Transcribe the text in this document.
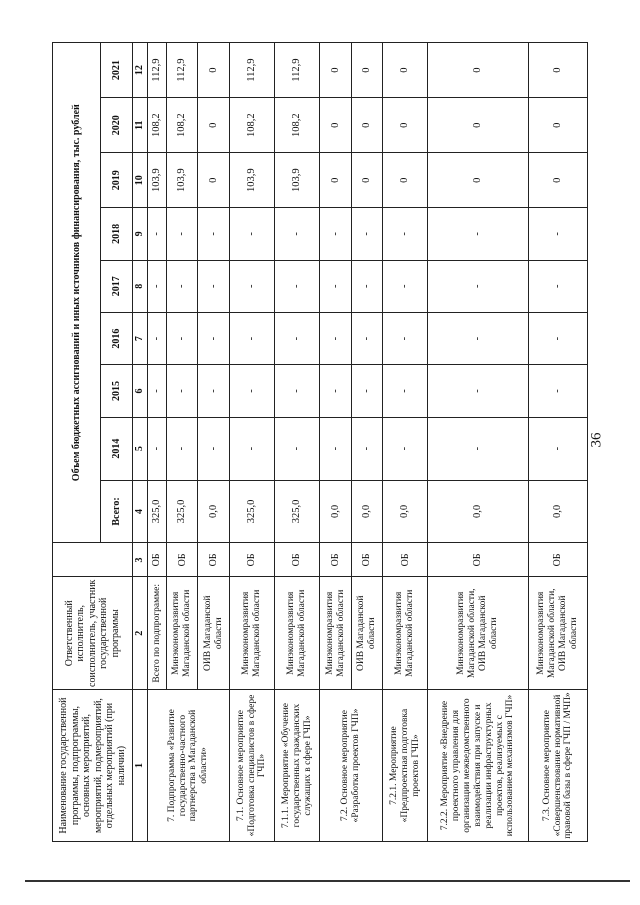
36
Наименование государственной программы, подпрограммы, основных мероприятий, мероприятий, подмероприятий, отдельных мероприятий (при наличии)	Ответственный исполнитель, соисполнитель, участник государственной программы		Объем бюджетных ассигнований и иных источников финансирования, тыс. рублей								
			Всего:	2014	2015	2016	2017	2018	2019	2020	2021
1	2	3	4	5	6	7	8	9	10	11	12
7. Подпрограмма «Развитие государственно-частного партнерства в Магаданской области»	Всего по подпрограмме:	ОБ	325,0	-	-	-	-	-	103,9	108,2	112,9
	Минэкономразвития Магаданской области	ОБ	325,0	-	-	-	-	-	103,9	108,2	112,9
	ОИВ Магаданской области	ОБ	0,0	-	-	-	-	-	0	0	0
7.1. Основное мероприятие «Подготовка специалистов в сфере ГЧП»	Минэкономразвития Магаданской области	ОБ	325,0	-	-	-	-	-	103,9	108,2	112,9
7.1.1. Мероприятие «Обучение государственных гражданских служащих в сфере ГЧП»	Минэкономразвития Магаданской области	ОБ	325,0	-	-	-	-	-	103,9	108,2	112,9
7.2. Основное мероприятие «Разработка проектов ГЧП»	Минэкономразвития Магаданской области	ОБ	0,0	-	-	-	-	-	0	0	0
	ОИВ Магаданской области	ОБ	0,0	-	-	-	-	-	0	0	0
7.2.1. Мероприятие «Предпроектная подготовка проектов ГЧП»	Минэкономразвития Магаданской области	ОБ	0,0	-	-	-	-	-	0	0	0
7.2.2. Мероприятие «Внедрение проектного управления для организации межведомственного взаимодействия при запуске и реализации инфраструктурных проектов, реализуемых с использованием механизмов ГЧП»	Минэкономразвития Магаданской области, ОИВ Магаданской области	ОБ	0,0	-	-	-	-	-	0	0	0
7.3. Основное мероприятие «Совершенствование нормативной правовой базы в сфере ГЧП / МЧП»	Минэкономразвития Магаданской области, ОИВ Магаданской области	ОБ	0,0	-	-	-	-	-	0	0	0
